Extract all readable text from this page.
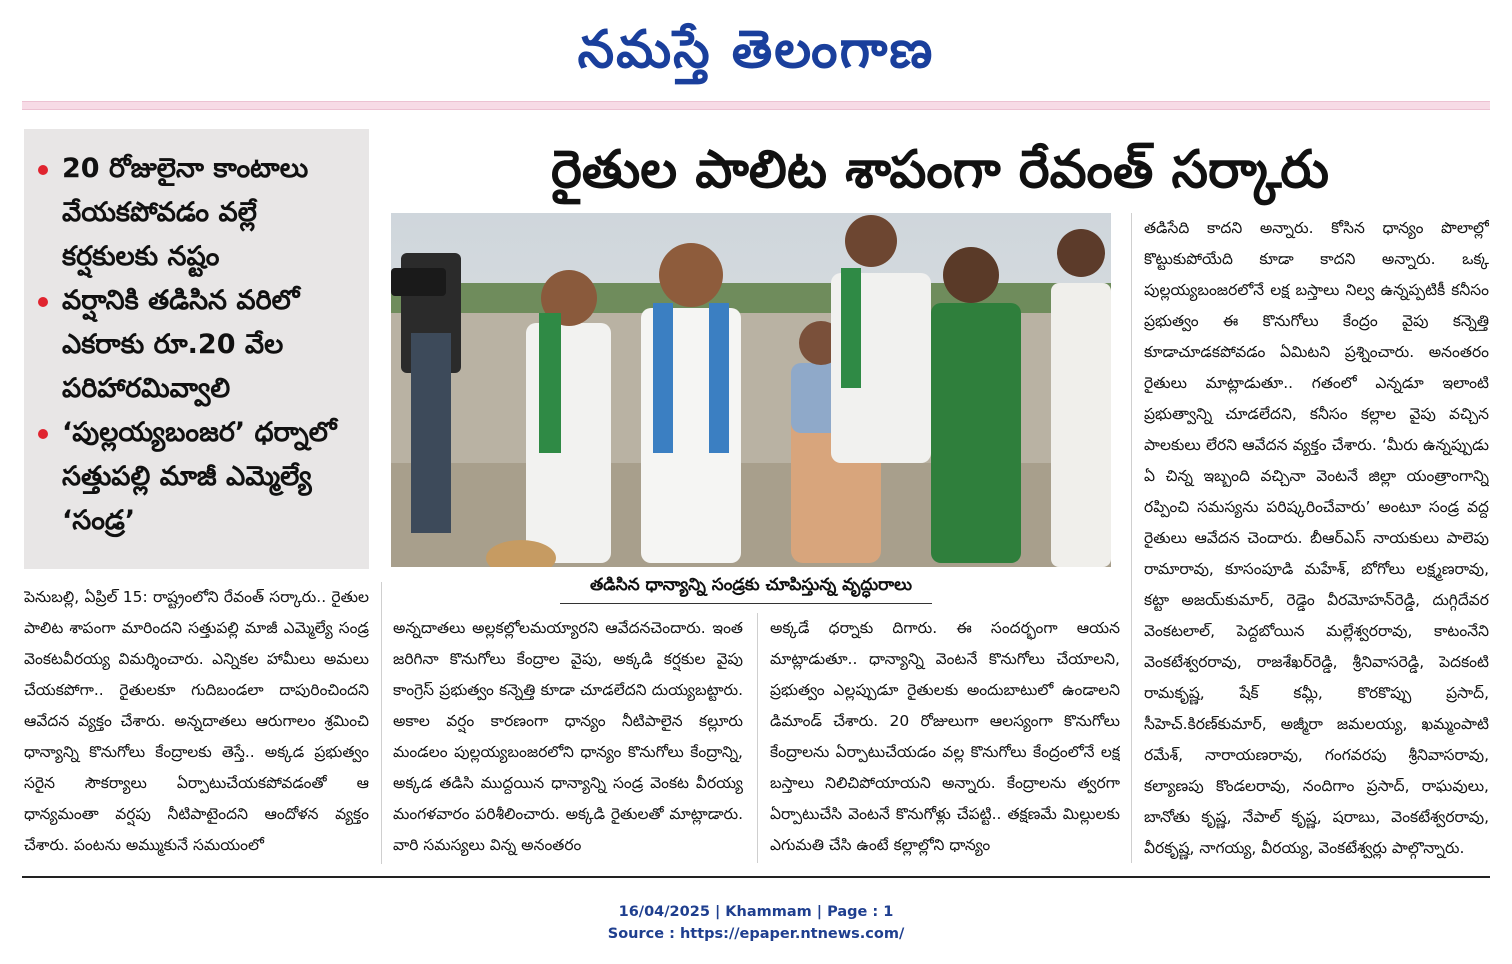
నమస్తే తెలంగాణ
20 రోజులైనా కాంటాలు వేయకపోవడం వల్లే కర్షకులకు నష్టం
వర్షానికి తడిసిన వరిలో ఎకరాకు రూ.20 వేల పరిహారమివ్వాలి
‘పుల్లయ్యబంజర’ ధర్నాలో సత్తుపల్లి మాజీ ఎమ్మెల్యే ‘సండ్ర’
రైతుల పాలిట శాపంగా రేవంత్ సర్కారు
తడిసిన ధాన్యాన్ని సండ్రకు చూపిస్తున్న వృద్ధురాలు

పెనుబల్లి, ఏప్రిల్ 15: రాష్ట్రంలోని రేవంత్ సర్కారు.. రైతుల పాలిట శాపంగా మారిందని సత్తుపల్లి మాజీ ఎమ్మెల్యే సండ్ర వెంకటవీరయ్య విమర్శించారు. ఎన్నికల హామీలు అమలు చేయకపోగా.. రైతులకూ గుదిబండలా దాపురించిందని ఆవేదన వ్యక్తం చేశారు. అన్నదాతలు ఆరుగాలం శ్రమించి ధాన్యాన్ని కొనుగోలు కేంద్రాలకు తెస్తే.. అక్కడ ప్రభుత్వం సరైన సౌకర్యాలు ఏర్పాటుచేయకపోవడంతో ఆ ధాన్యమంతా వర్షపు నీటిపాటైందని ఆందోళన వ్యక్తం చేశారు. పంటను అమ్ముకునే సమయంలో

అన్నదాతలు అల్లకల్లోలమయ్యారని ఆవేదనచెందారు. ఇంత జరిగినా కొనుగోలు కేంద్రాల వైపు, అక్కడి కర్షకుల వైపు కాంగ్రెస్ ప్రభుత్వం కన్నెత్తి కూడా చూడలేదని దుయ్యబట్టారు. అకాల వర్షం కారణంగా ధాన్యం నీటిపాలైన కల్లూరు మండలం పుల్లయ్యబంజరలోని ధాన్యం కొనుగోలు కేంద్రాన్ని, అక్కడ తడిసి ముద్దయిన ధాన్యాన్ని సండ్ర వెంకట వీరయ్య మంగళవారం పరిశీలించారు. అక్కడి రైతులతో మాట్లాడారు. వారి సమస్యలు విన్న అనంతరం

అక్కడే ధర్నాకు దిగారు. ఈ సందర్భంగా ఆయన మాట్లాడుతూ.. ధాన్యాన్ని వెంటనే కొనుగోలు చేయాలని, ప్రభుత్వం ఎల్లప్పుడూ రైతులకు అందుబాటులో ఉండాలని డిమాండ్ చేశారు. 20 రోజులుగా ఆలస్యంగా కొనుగోలు కేంద్రాలను ఏర్పాటుచేయడం వల్ల కొనుగోలు కేంద్రంలోనే లక్ష బస్తాలు నిలిచిపోయాయని అన్నారు. కేంద్రాలను త్వరగా ఏర్పాటుచేసి వెంటనే కొనుగోళ్లు చేపట్టి.. తక్షణమే మిల్లులకు ఎగుమతి చేసి ఉంటే కల్లాల్లోని ధాన్యం

తడిసేది కాదని అన్నారు. కోసిన ధాన్యం పొలాల్లో కొట్టుకుపోయేది కూడా కాదని అన్నారు. ఒక్క పుల్లయ్యబంజరలోనే లక్ష బస్తాలు నిల్వ ఉన్నప్పటికీ కనీసం ప్రభుత్వం ఈ కొనుగోలు కేంద్రం వైపు కన్నెత్తి కూడాచూడకపోవడం ఏమిటని ప్రశ్నించారు. అనంతరం రైతులు మాట్లాడుతూ.. గతంలో ఎన్నడూ ఇలాంటి ప్రభుత్వాన్ని చూడలేదని, కనీసం కల్లాల వైపు వచ్చిన పాలకులు లేరని ఆవేదన వ్యక్తం చేశారు. ‘మీరు ఉన్నప్పుడు ఏ చిన్న ఇబ్బంది వచ్చినా వెంటనే జిల్లా యంత్రాంగాన్ని రప్పించి సమస్యను పరిష్కరించేవారు’ అంటూ సండ్ర వద్ద రైతులు ఆవేదన చెందారు. బీఆర్ఎస్ నాయకులు పాలెపు రామారావు, కూసంపూడి మహేశ్, బోగోలు లక్ష్మణరావు, కట్టా అజయ్‌కుమార్, రెడ్డెం వీరమోహన్‌రెడ్డి, దుగ్గిదేవర వెంకటలాల్, పెద్దబోయిన మల్లేశ్వరరావు, కాటంనేని వెంకటేశ్వరరావు, రాజశేఖర్‌రెడ్డి, శ్రీనివాసరెడ్డి, పెదకంటి రామకృష్ణ, షేక్ కమ్లీ, కొరకొప్పు ప్రసాద్, సీహెచ్.కిరణ్‌కుమార్, అజ్మీరా జమలయ్య, ఖమ్మంపాటి రమేశ్, నారాయణరావు, గంగవరపు శ్రీనివాసరావు, కల్యాణపు కొండలరావు, నందిగాం ప్రసాద్, రాఘవులు, బానోతు కృష్ణ, నేపాల్ కృష్ణ, షరాబు, వెంకటేశ్వరరావు, వీరకృష్ణ, నాగయ్య, వీరయ్య, వెంకటేశ్వర్లు పాల్గొన్నారు.

16/04/2025 | Khammam | Page : 1
Source : https://epaper.ntnews.com/
